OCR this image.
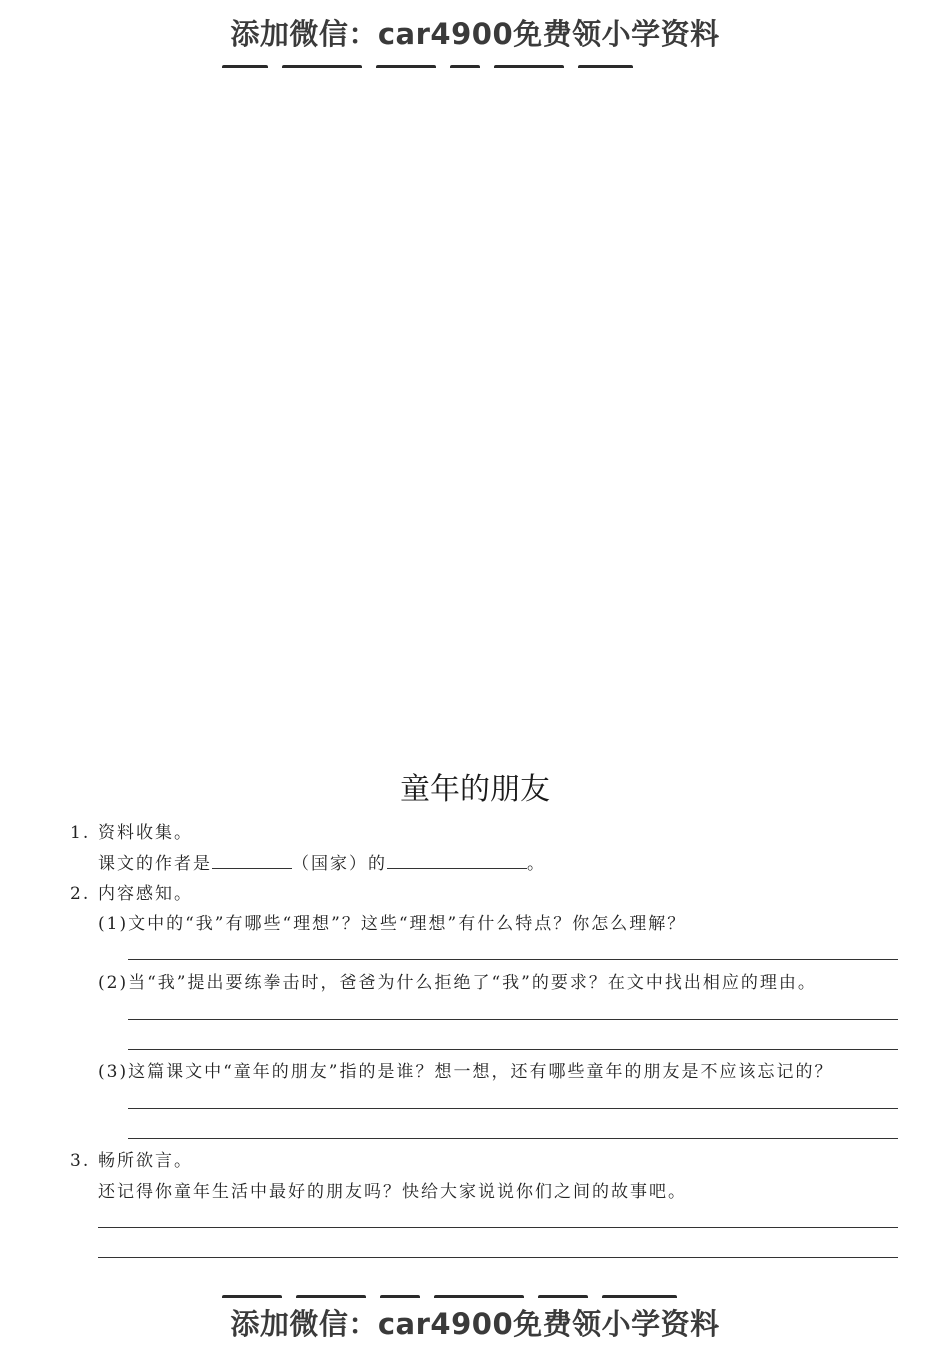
添加微信：car4900免费领小学资料
童年的朋友
1. 资料收集。
课文的作者是	（国家）的	。
2. 内容感知。
(1)文中的“我”有哪些“理想”？这些“理想”有什么特点？你怎么理解？
(2)当“我”提出要练拳击时，爸爸为什么拒绝了“我”的要求？在文中找出相应的理由。
(3)这篇课文中“童年的朋友”指的是谁？想一想，还有哪些童年的朋友是不应该忘记的？
3. 畅所欲言。
还记得你童年生活中最好的朋友吗？快给大家说说你们之间的故事吧。
添加微信：car4900免费领小学资料
